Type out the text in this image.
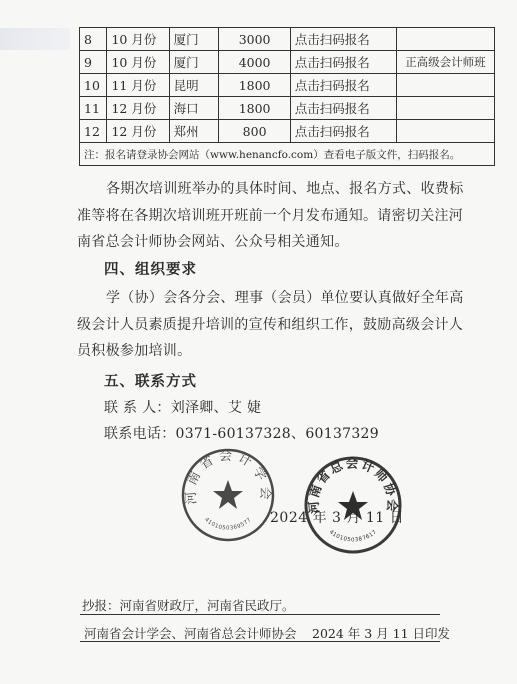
8	10 月份	厦门	3000	点击扫码报名	
9	10 月份	厦门	4000	点击扫码报名	正高级会计师班
10	11 月份	昆明	1800	点击扫码报名	
11	12 月份	海口	1800	点击扫码报名	
12	12 月份	郑州	800	点击扫码报名	
注：报名请登录协会网站（www.henancfo.com）查看电子版文件，扫码报名。					
各期次培训班举办的具体时间、地点、报名方式、收费标准等将在各期次培训班开班前一个月发布通知。请密切关注河南省总会计师协会网站、公众号相关通知。
四、组织要求
学（协）会各分会、理事（会员）单位要认真做好全年高级会计人员素质提升培训的宣传和组织工作，鼓励高级会计人员积极参加培训。
五、联系方式
联 系 人：刘泽卿、艾 婕
联系电话：0371-60137328、60137329
河南省会计学会
4101050369577
河南省总会计师协会
4101050387617
2024 年 3 月 11 日
抄报：河南省财政厅，河南省民政厅。
河南省会计学会、河南省总会计师协会 2024 年 3 月 11 日印发
